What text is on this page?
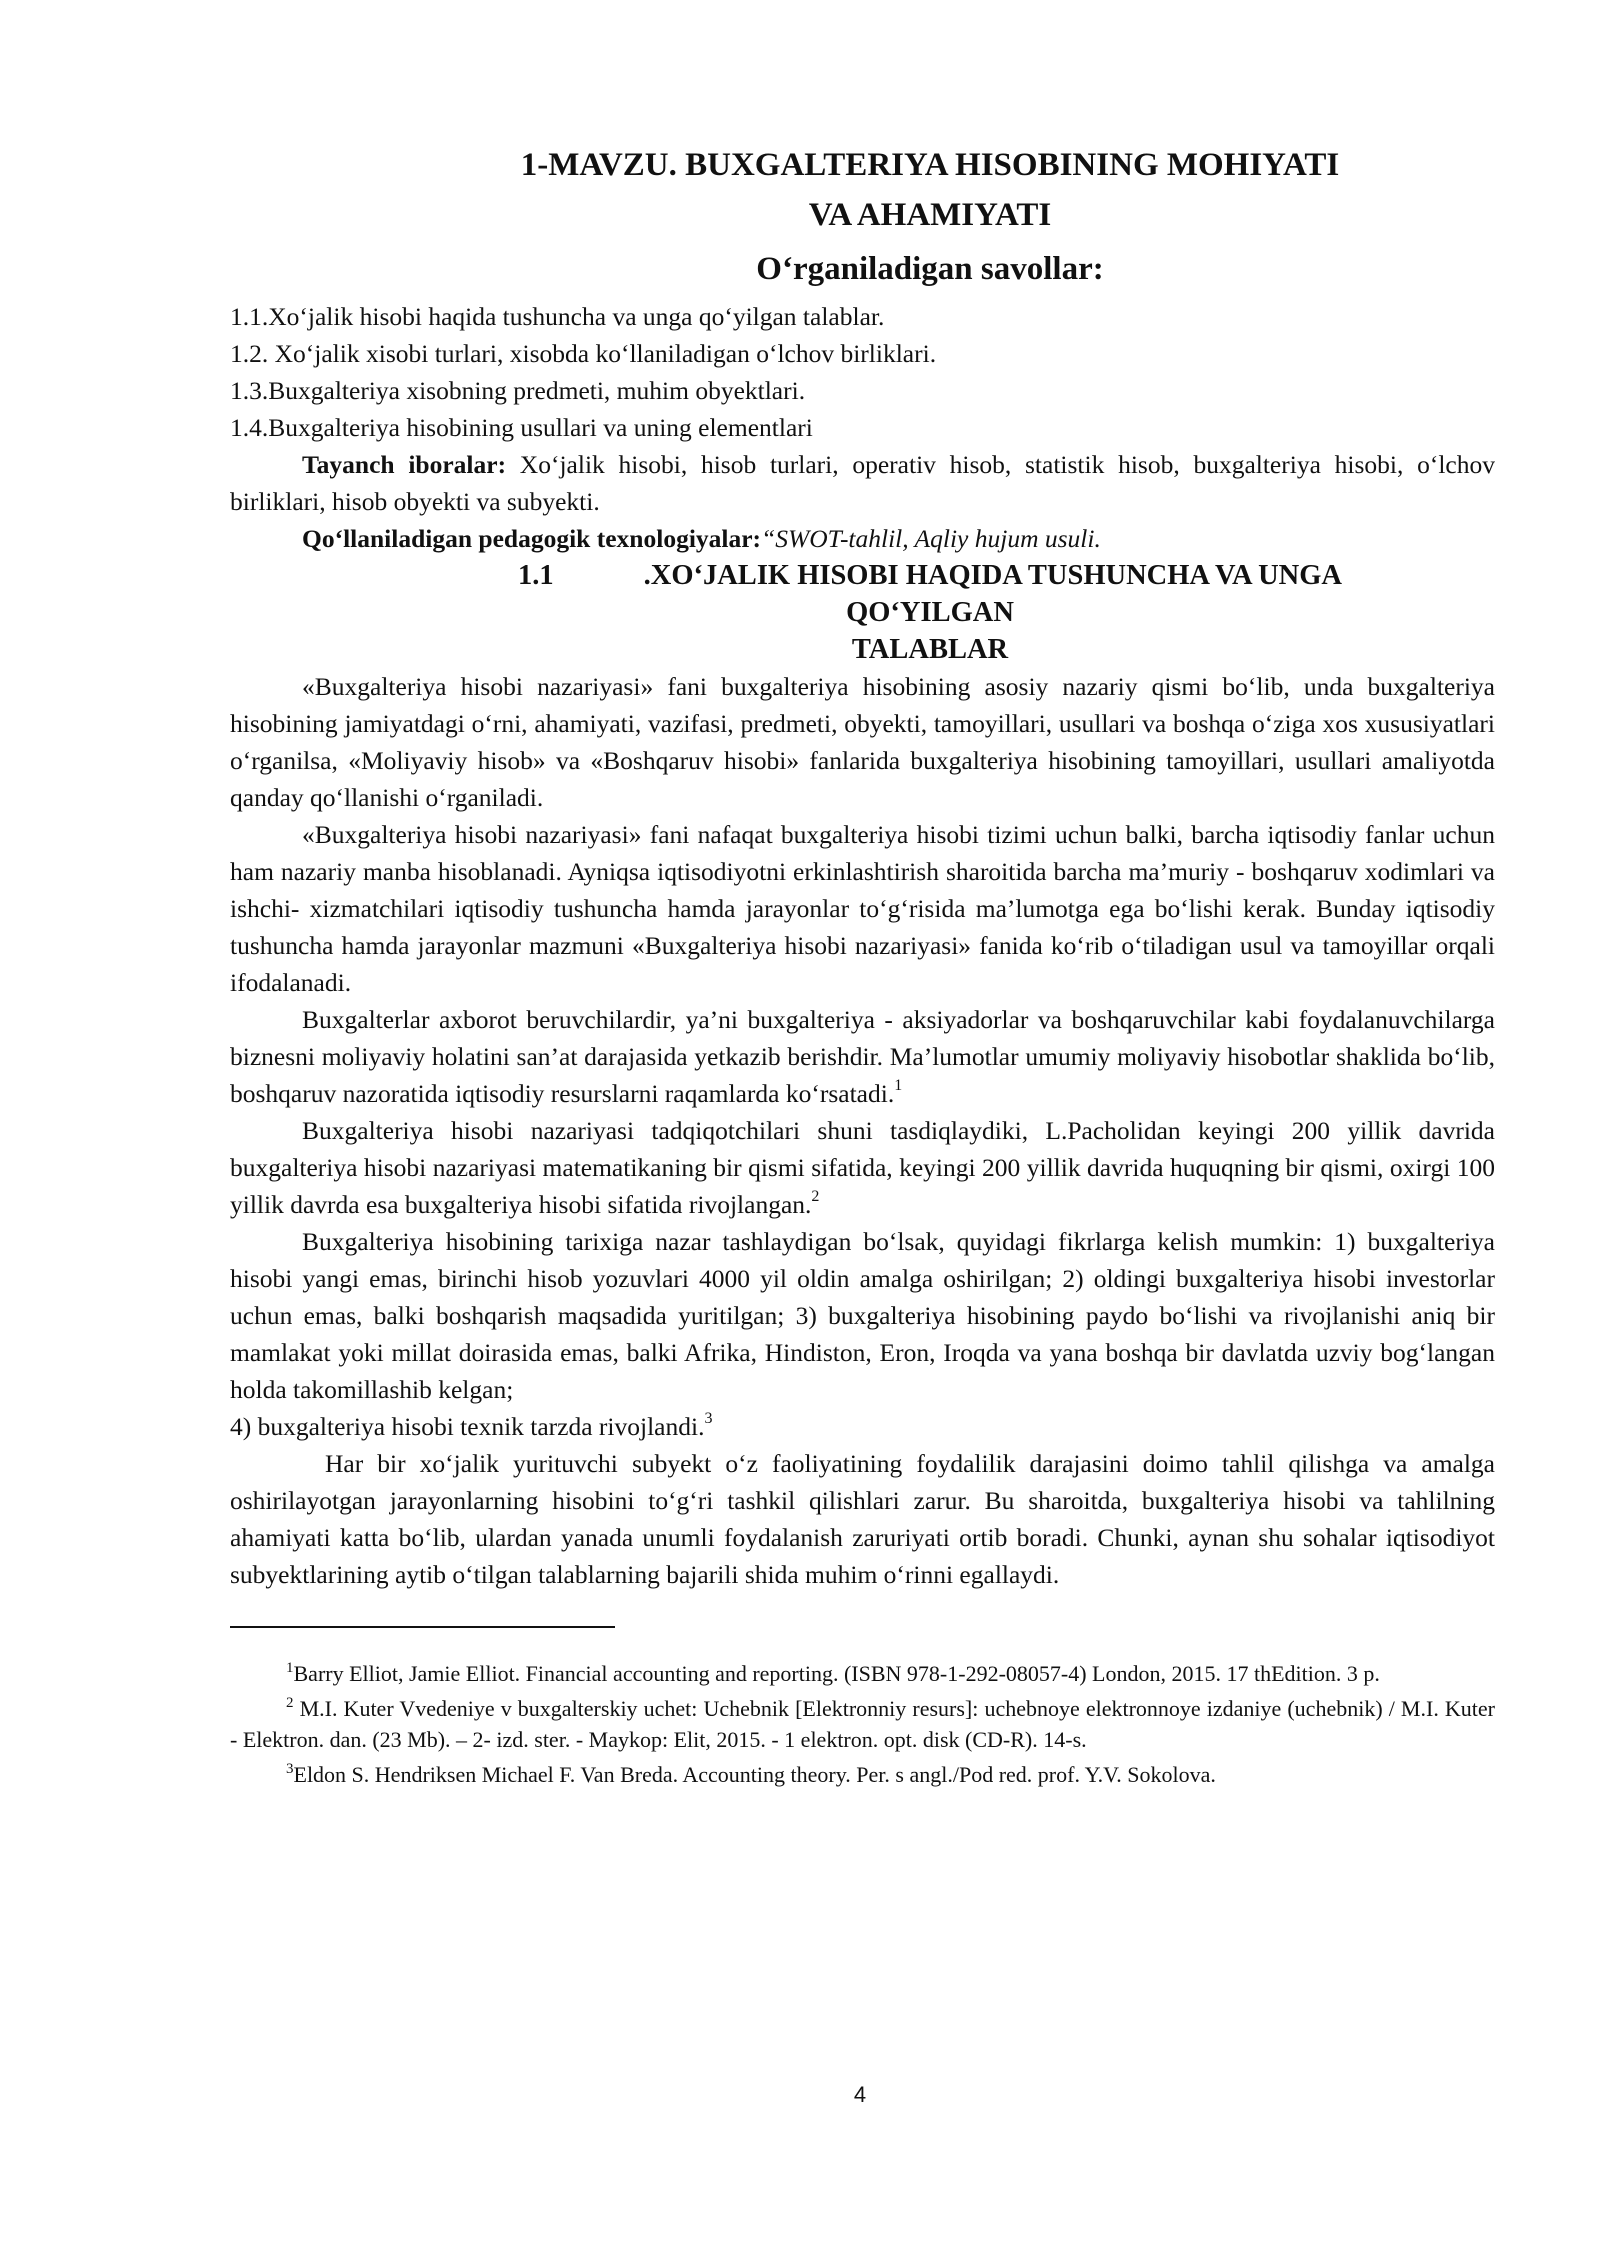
1-MAVZU. BUXGALTERIYA HISOBINING MOHIYATI
VA AHAMIYATI
O‘rganiladigan savollar:
1.1.Xo‘jalik hisobi haqida tushuncha va unga qo‘yilgan talablar.
1.2. Xo‘jalik xisobi turlari, xisobda ko‘llaniladigan o‘lchov birliklari.
1.3.Buxgalteriya xisobning predmeti, muhim obyektlari.
1.4.Buxgalteriya hisobining usullari va uning elementlari

Tayanch iboralar: Xo‘jalik hisobi, hisob turlari, operativ hisob, statistik hisob, buxgalteriya hisobi, o‘lchov birliklari, hisob obyekti va subyekti.

Qo‘llaniladigan pedagogik texnologiyalar:“SWOT-tahlil, Aqliy hujum usuli.

1.1	.XO‘JALIK HISOBI HAQIDA TUSHUNCHA VA UNGA
QO‘YILGAN
TALABLAR

«Buxgalteriya hisobi nazariyasi» fani buxgalteriya hisobining asosiy nazariy qismi bo‘lib, unda buxgalteriya hisobining jamiyatdagi o‘rni, ahamiyati, vazifasi, predmeti, obyekti, tamoyillari, usullari va boshqa o‘ziga xos xususiyatlari o‘rganilsa, «Moliyaviy hisob» va «Boshqaruv hisobi» fanlarida buxgalteriya hisobining tamoyillari, usullari amaliyotda qanday qo‘llanishi o‘rganiladi.

«Buxgalteriya hisobi nazariyasi» fani nafaqat buxgalteriya hisobi tizimi uchun balki, barcha iqtisodiy fanlar uchun ham nazariy manba hisoblanadi. Ayniqsa iqtisodiyotni erkinlashtirish sharoitida barcha ma’muriy - boshqaruv xodimlari va ishchi- xizmatchilari iqtisodiy tushuncha hamda jarayonlar to‘g‘risida ma’lumotga ega bo‘lishi kerak. Bunday iqtisodiy tushuncha hamda jarayonlar mazmuni «Buxgalteriya hisobi nazariyasi» fanida ko‘rib o‘tiladigan usul va tamoyillar orqali ifodalanadi.

Buxgalterlar axborot beruvchilardir, ya’ni buxgalteriya - aksiyadorlar va boshqaruvchilar kabi foydalanuvchilarga biznesni moliyaviy holatini san’at darajasida yetkazib berishdir. Ma’lumotlar umumiy moliyaviy hisobotlar shaklida bo‘lib, boshqaruv nazoratida iqtisodiy resurslarni raqamlarda ko‘rsatadi.$^1$

Buxgalteriya hisobi nazariyasi tadqiqotchilari shuni tasdiqlaydiki, L.Pacholidan keyingi 200 yillik davrida buxgalteriya hisobi nazariyasi matematikaning bir qismi sifatida, keyingi 200 yillik davrida huquqning bir qismi, oxirgi 100 yillik davrda esa buxgalteriya hisobi sifatida rivojlangan.$^2$

Buxgalteriya hisobining tarixiga nazar tashlaydigan bo‘lsak, quyidagi fikrlarga kelish mumkin: 1) buxgalteriya hisobi yangi emas, birinchi hisob yozuvlari 4000 yil oldin amalga oshirilgan; 2) oldingi buxgalteriya hisobi investorlar uchun emas, balki boshqarish maqsadida yuritilgan; 3) buxgalteriya hisobining paydo bo‘lishi va rivojlanishi aniq bir mamlakat yoki millat doirasida emas, balki Afrika, Hindiston, Eron, Iroqda va yana boshqa bir davlatda uzviy bog‘langan holda takomillashib kelgan;

4) buxgalteriya hisobi texnik tarzda rivojlandi.$^3$

Har bir xo‘jalik yurituvchi subyekt o‘z faoliyatining foydalilik darajasini doimo tahlil qilishga va amalga oshirilayotgan jarayonlarning hisobini to‘g‘ri tashkil qilishlari zarur. Bu sharoitda, buxgalteriya hisobi va tahlilning ahamiyati katta bo‘lib, ulardan yanada unumli foydalanish zaruriyati ortib boradi. Chunki, aynan shu sohalar iqtisodiyot subyektlarining aytib o‘tilgan talablarning bajarili shida muhim o‘rinni egallaydi.

$^1$Barry Elliot, Jamie Elliot. Financial accounting and reporting. (ISBN 978-1-292-08057-4) London, 2015. 17 thEdition. 3 p.

$^2$ M.I. Kuter Vvedeniye v buxgalterskiy uchet: Uchebnik [Elektronniy resurs]: uchebnoye elektronnoye izdaniye (uchebnik) / M.I. Kuter - Elektron. dan. (23 Mb). – 2- izd. ster. - Maykop: Elit, 2015. - 1 elektron. opt. disk (CD-R). 14-s.

$^3$Eldon S. Hendriksen Michael F. Van Breda. Accounting theory. Per. s angl./Pod red. prof. Y.V. Sokolova.

4
